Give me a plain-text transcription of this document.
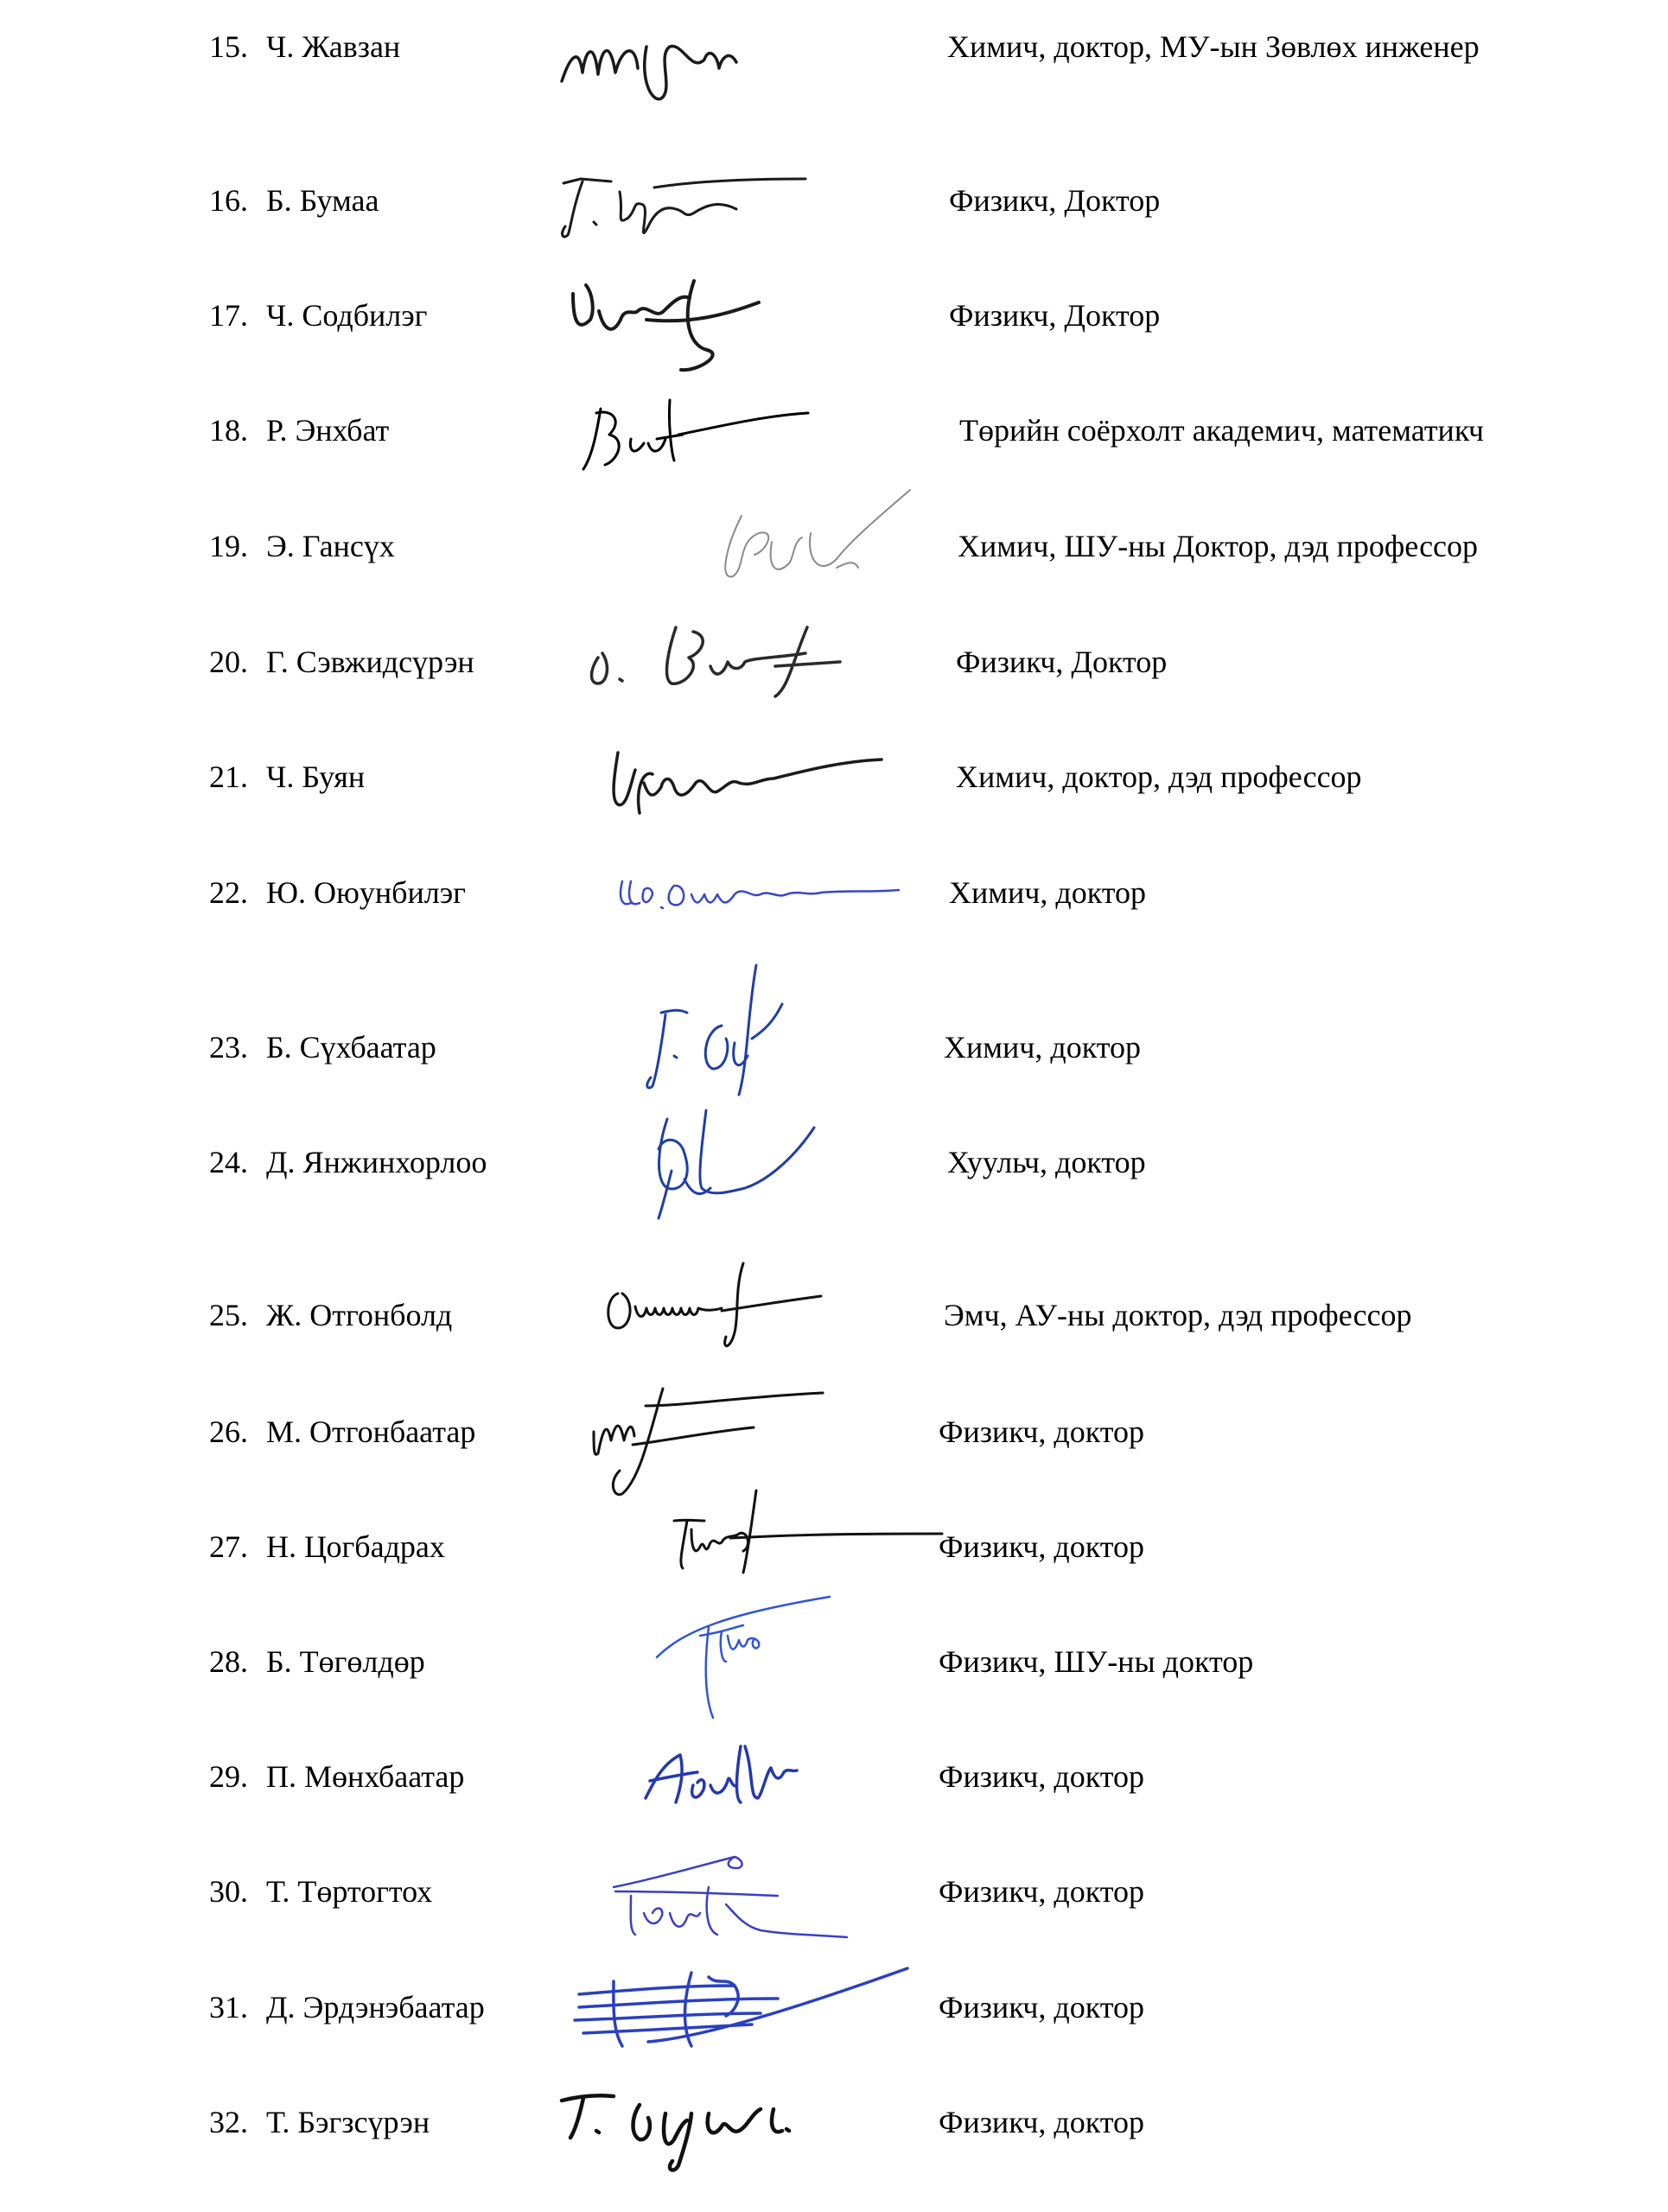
15. Ч. Жавзан	Химич, доктор, МУ-ын Зөвлөх инженер
16. Б. Бумаа	Физикч, Доктор
17. Ч. Содбилэг	Физикч, Доктор
18. Р. Энхбат	Төрийн соёрхолт академич, математикч
19. Э. Гансүх	Химич, ШУ-ны Доктор, дэд профессор
20. Г. Сэвжидсүрэн	Физикч, Доктор
21. Ч. Буян	Химич, доктор, дэд профессор
22. Ю. Оюунбилэг	Химич, доктор
23. Б. Сүхбаатар	Химич, доктор
24. Д. Янжинхорлоо	Хуульч, доктор
25. Ж. Отгонболд	Эмч, АУ-ны доктор, дэд профессор
26. М. Отгонбаатар	Физикч, доктор
27. Н. Цогбадрах	Физикч, доктор
28. Б. Төгөлдөр	Физикч, ШУ-ны доктор
29. П. Мөнхбаатар	Физикч, доктор
30. Т. Төртогтох	Физикч, доктор
31. Д. Эрдэнэбаатар	Физикч, доктор
32. Т. Бэгзсүрэн	Физикч, доктор
